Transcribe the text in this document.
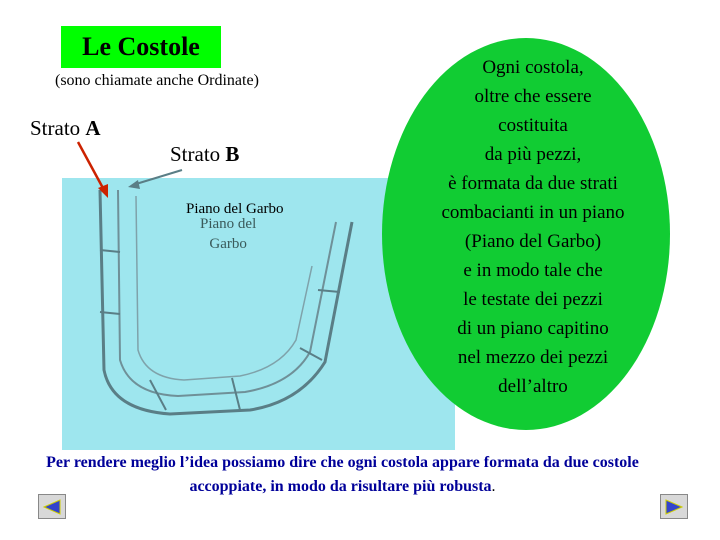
Le Costole
(sono chiamate anche Ordinate)
Strato A
Strato B
Piano del Garbo
Piano del
Garbo
Ogni costola,
oltre che essere
costituita
da più pezzi,
è formata da due strati
combacianti in un piano
(Piano del Garbo)
e in modo tale che
le testate dei pezzi
di un piano capitino
nel mezzo dei pezzi
dell’altro
Per rendere meglio l’idea possiamo dire che ogni costola appare formata da due costole accoppiate, in modo da risultare più robusta.
